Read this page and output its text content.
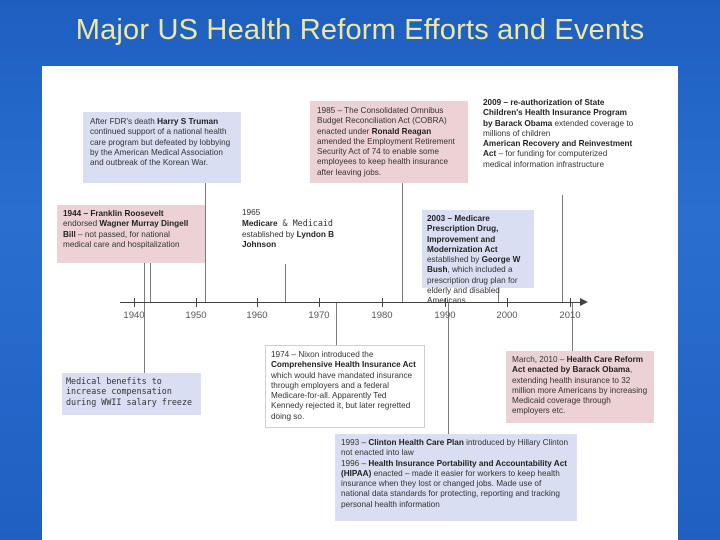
Major US Health Reform Efforts and Events
1940	1950	1960	1970	1980	1990	2000	2010
After FDR's death Harry S Truman continued support of a national health care program but defeated by lobbying by the American Medical Association and outbreak of the Korean War.
1985 – The Consolidated Omnibus Budget Reconciliation Act (COBRA) enacted under Ronald Reagan amended the Employment Retirement Security Act of 74 to enable some employees to keep health insurance after leaving jobs.
2009 – re-authorization of State Children's Health Insurance Program by Barack Obama extended coverage to millions of children
American Recovery and Reinvestment Act – for funding for computerized medical information infrastructure
1944 – Franklin Roosevelt endorsed Wagner Murray Dingell Bill – not passed, for national medical care and hospitalization
1965
Medicare & Medicaid established by Lyndon B Johnson
2003 – Medicare Prescription Drug, Improvement and Modernization Act established by George W Bush, which included a prescription drug plan for elderly and disabled Americans.
Medical benefits to increase compensation during WWII salary freeze
1974 – Nixon introduced the Comprehensive Health Insurance Act which would have mandated insurance through employers and a federal Medicare-for-all. Apparently Ted Kennedy rejected it, but later regretted doing so.
March, 2010 – Health Care Reform Act enacted by Barack Obama, extending health insurance to 32 million more Americans by increasing Medicaid coverage through employers etc.
1993 – Clinton Health Care Plan introduced by Hillary Clinton not enacted into law
1996 – Health Insurance Portability and Accountability Act (HIPAA) enacted – made it easier for workers to keep health insurance when they lost or changed jobs. Made use of national data standards for protecting, reporting and tracking personal health information
